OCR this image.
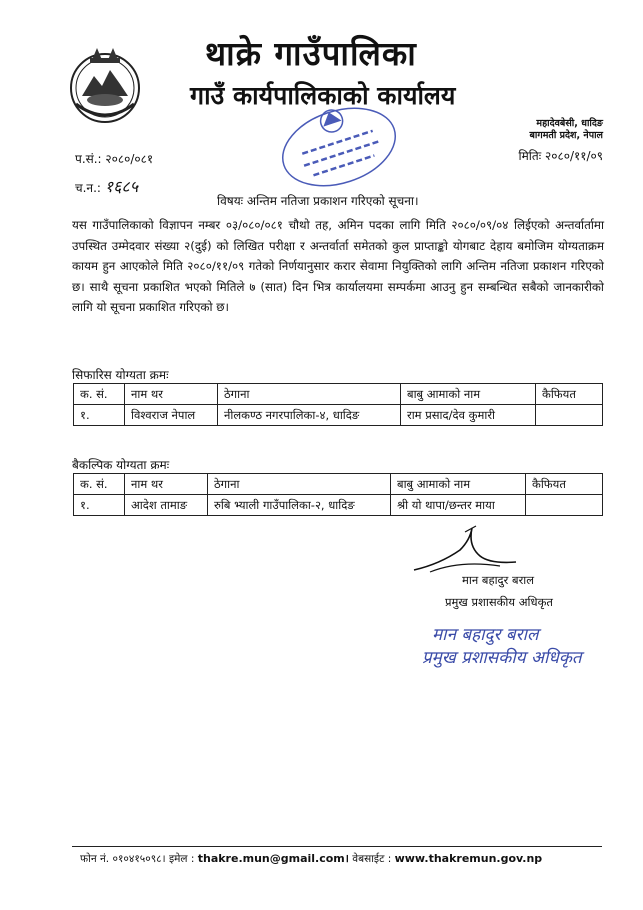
थाक्रे गाउँपालिका
गाउँ कार्यपालिकाको कार्यालय
महादेवबेसी, धादिङ
बागमती प्रदेश, नेपाल
मितिः २०८०/११/०९
प.सं.: २०८०/०८१
च.न.: १६८५
विषयः अन्तिम नतिजा प्रकाशन गरिएको सूचना।
यस गाउँपालिकाको विज्ञापन नम्बर ०३/०८०/०८१ चौथो तह, अमिन पदका लागि मिति २०८०/०९/०४ लिईएको अन्तर्वार्तामा उपस्थित उम्मेदवार संख्या २(दुई) को लिखित परीक्षा र अन्तर्वार्ता समेतको कुल प्राप्ताङ्को योगबाट देहाय बमोजिम योग्यताक्रम कायम हुन आएकोले मिति २०८०/११/०९ गतेको निर्णयानुसार करार सेवामा नियुक्तिको लागि अन्तिम नतिजा प्रकाशन गरिएको छ। साथै सूचना प्रकाशित भएको मितिले ७ (सात) दिन भित्र कार्यालयमा सम्पर्कमा आउनु हुन सम्बन्धित सबैको जानकारीको लागि यो सूचना प्रकाशित गरिएको छ।
सिफारिस योग्यता क्रमः
क. सं.	नाम थर	ठेगाना	बाबु आमाको नाम	कैफियत
१.	विश्वराज नेपाल	नीलकण्ठ नगरपालिका-४, धादिङ	राम प्रसाद/देव कुमारी	
बैकल्पिक योग्यता क्रमः
क. सं.	नाम थर	ठेगाना	बाबु आमाको नाम	कैफियत
१.	आदेश तामाङ	रुबि भ्याली गाउँपालिका-२, धादिङ	श्री यो थापा/छन्तर माया	
मान बहादुर बराल
प्रमुख प्रशासकीय अधिकृत
मान बहादुर बराल
प्रमुख प्रशासकीय अधिकृत
फोन नं. ०१०४१५०९८। इमेल : thakre.mun@gmail.com। वेबसाईट : www.thakremun.gov.np
